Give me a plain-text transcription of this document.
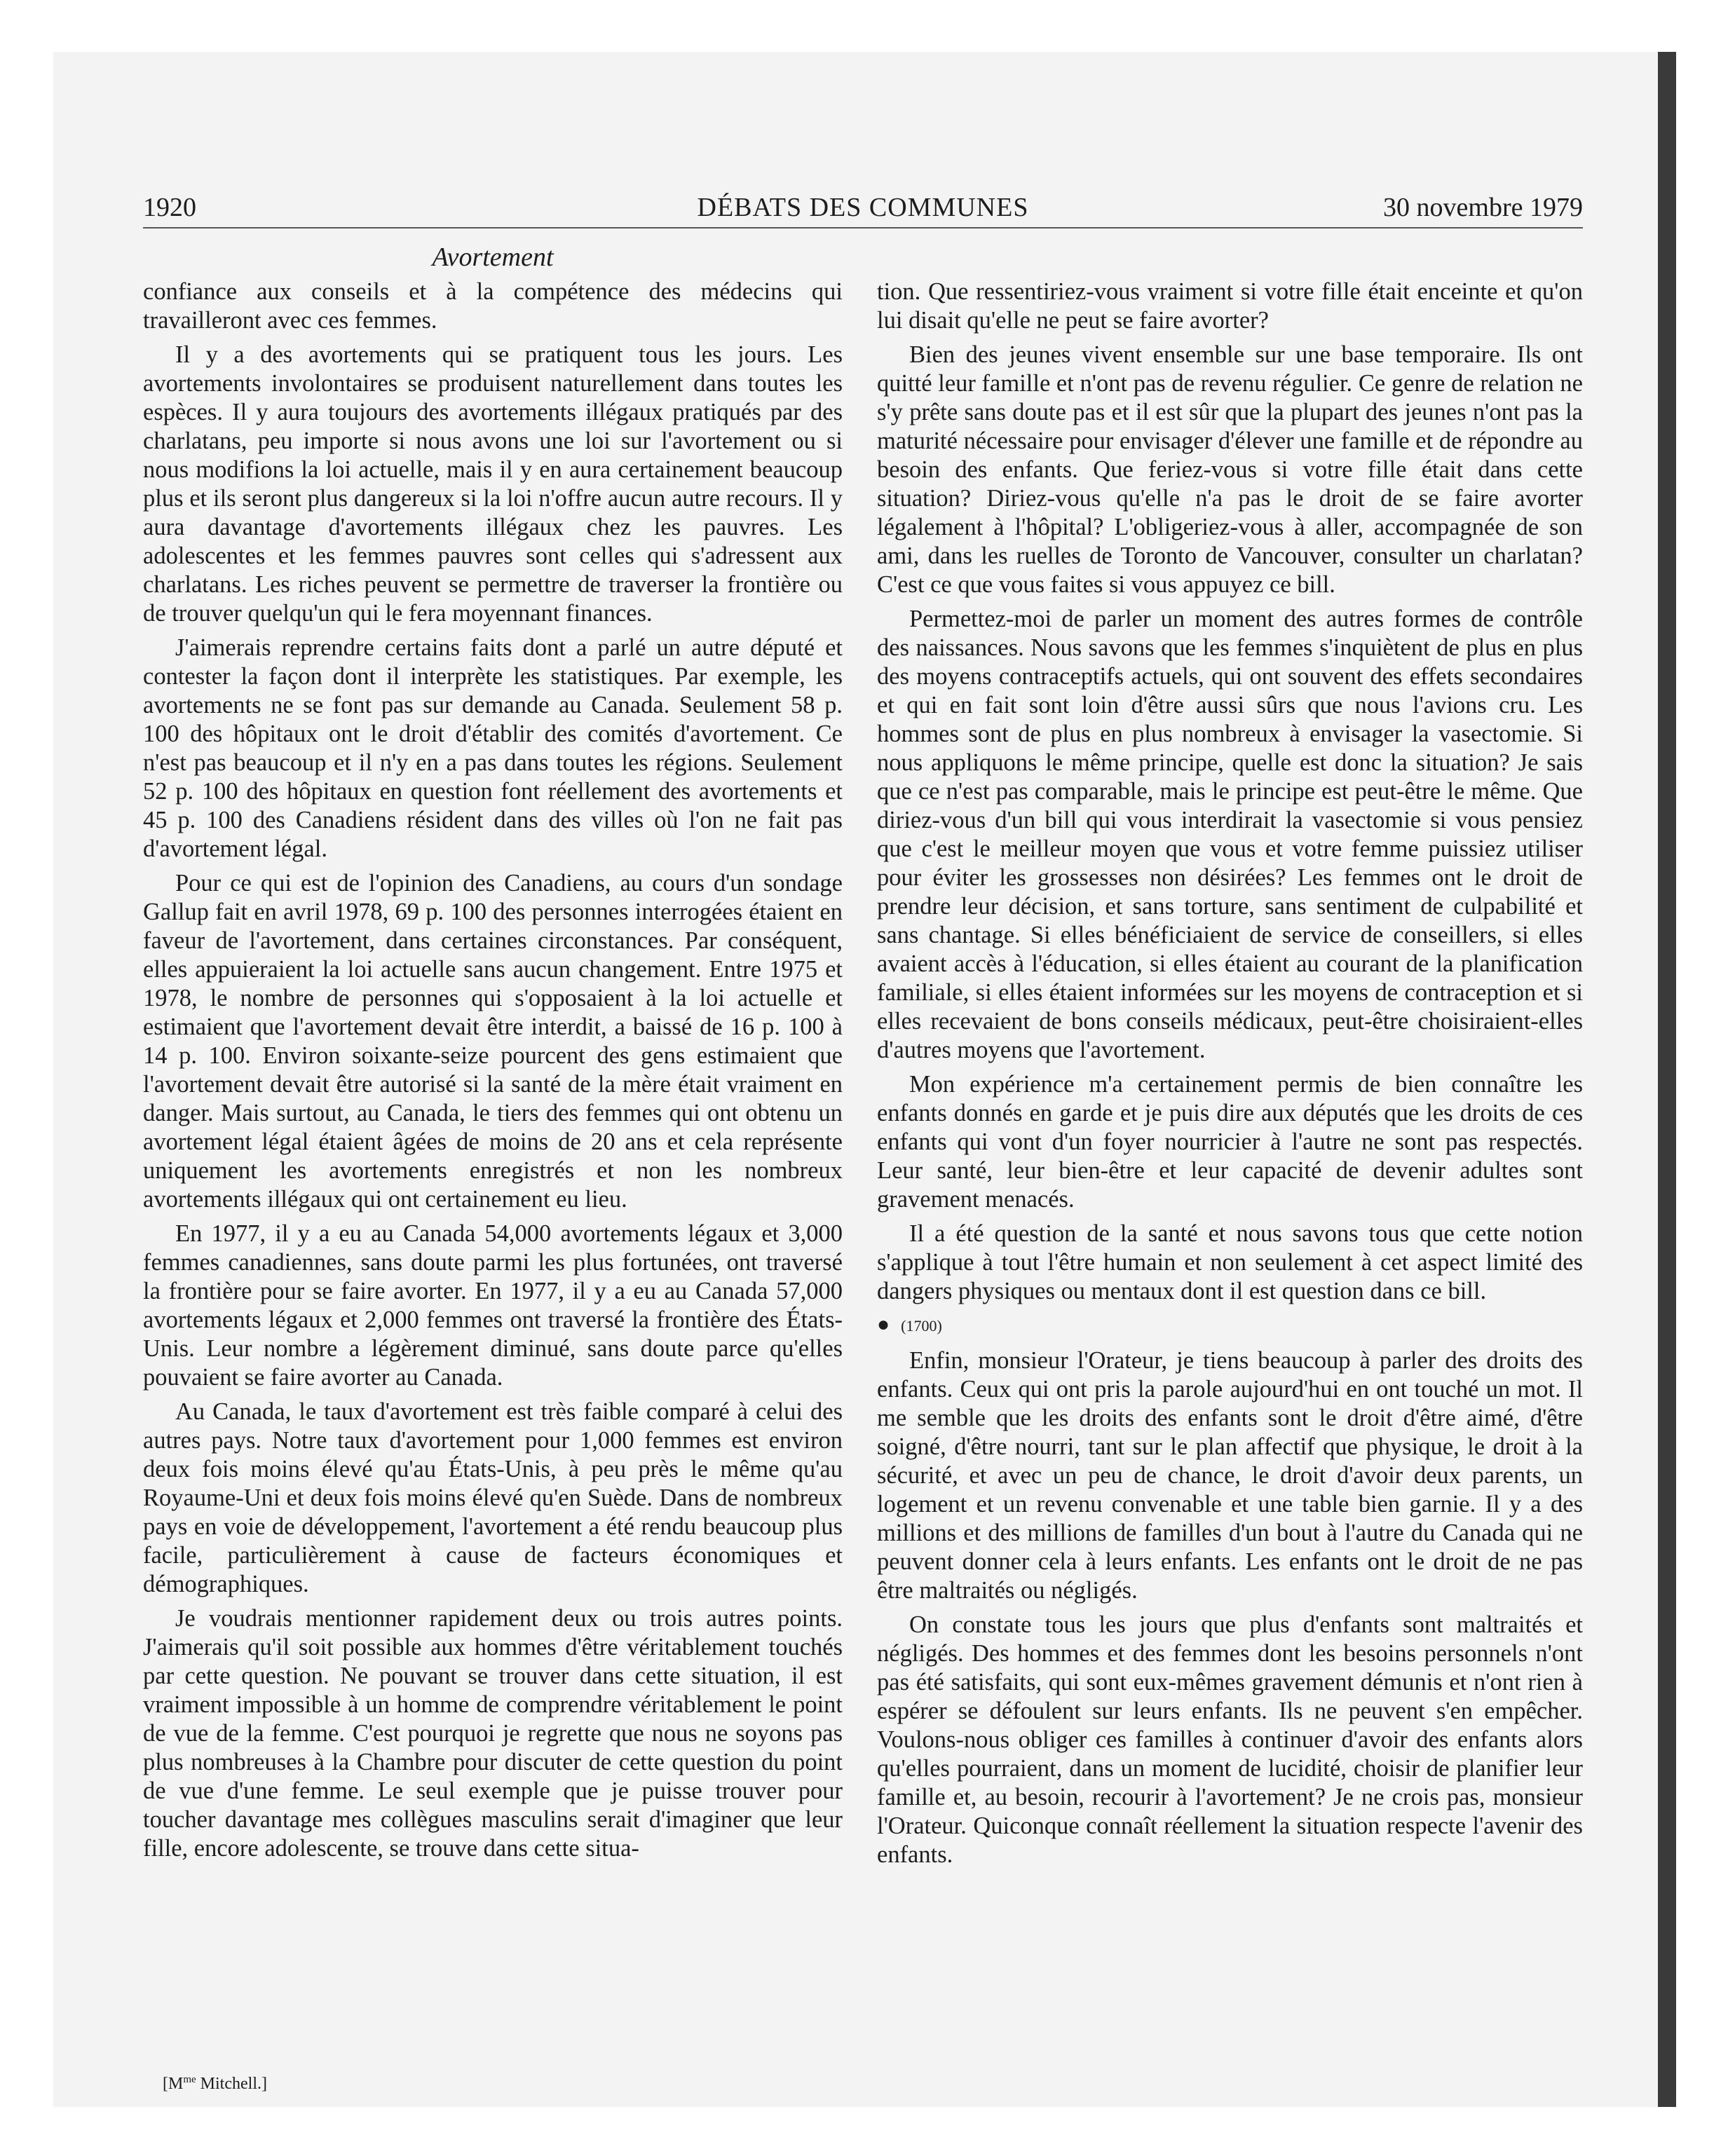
1920	DÉBATS DES COMMUNES	30 novembre 1979
Avortement

confiance aux conseils et à la compétence des médecins qui travailleront avec ces femmes.

Il y a des avortements qui se pratiquent tous les jours. Les avortements involontaires se produisent naturellement dans toutes les espèces. Il y aura toujours des avortements illégaux pratiqués par des charlatans, peu importe si nous avons une loi sur l'avortement ou si nous modifions la loi actuelle, mais il y en aura certainement beaucoup plus et ils seront plus dangereux si la loi n'offre aucun autre recours. Il y aura davantage d'avortements illégaux chez les pauvres. Les adolescentes et les femmes pauvres sont celles qui s'adressent aux charlatans. Les riches peuvent se permettre de traverser la frontière ou de trouver quelqu'un qui le fera moyennant finances.

J'aimerais reprendre certains faits dont a parlé un autre député et contester la façon dont il interprète les statistiques. Par exemple, les avortements ne se font pas sur demande au Canada. Seulement 58 p. 100 des hôpitaux ont le droit d'établir des comités d'avortement. Ce n'est pas beaucoup et il n'y en a pas dans toutes les régions. Seulement 52 p. 100 des hôpitaux en question font réellement des avortements et 45 p. 100 des Canadiens résident dans des villes où l'on ne fait pas d'avortement légal.

Pour ce qui est de l'opinion des Canadiens, au cours d'un sondage Gallup fait en avril 1978, 69 p. 100 des personnes interrogées étaient en faveur de l'avortement, dans certaines circonstances. Par conséquent, elles appuieraient la loi actuelle sans aucun changement. Entre 1975 et 1978, le nombre de personnes qui s'opposaient à la loi actuelle et estimaient que l'avortement devait être interdit, a baissé de 16 p. 100 à 14 p. 100. Environ soixante-seize pourcent des gens estimaient que l'avortement devait être autorisé si la santé de la mère était vraiment en danger. Mais surtout, au Canada, le tiers des femmes qui ont obtenu un avortement légal étaient âgées de moins de 20 ans et cela représente uniquement les avortements enregistrés et non les nombreux avortements illégaux qui ont certainement eu lieu.

En 1977, il y a eu au Canada 54,000 avortements légaux et 3,000 femmes canadiennes, sans doute parmi les plus fortunées, ont traversé la frontière pour se faire avorter. En 1977, il y a eu au Canada 57,000 avortements légaux et 2,000 femmes ont traversé la frontière des États-Unis. Leur nombre a légèrement diminué, sans doute parce qu'elles pouvaient se faire avorter au Canada.

Au Canada, le taux d'avortement est très faible comparé à celui des autres pays. Notre taux d'avortement pour 1,000 femmes est environ deux fois moins élevé qu'au États-Unis, à peu près le même qu'au Royaume-Uni et deux fois moins élevé qu'en Suède. Dans de nombreux pays en voie de développement, l'avortement a été rendu beaucoup plus facile, particulièrement à cause de facteurs économiques et démographiques.

Je voudrais mentionner rapidement deux ou trois autres points. J'aimerais qu'il soit possible aux hommes d'être véritablement touchés par cette question. Ne pouvant se trouver dans cette situation, il est vraiment impossible à un homme de comprendre véritablement le point de vue de la femme. C'est pourquoi je regrette que nous ne soyons pas plus nombreuses à la Chambre pour discuter de cette question du point de vue d'une femme. Le seul exemple que je puisse trouver pour toucher davantage mes collègues masculins serait d'imaginer que leur fille, encore adolescente, se trouve dans cette situa-

tion. Que ressentiriez-vous vraiment si votre fille était enceinte et qu'on lui disait qu'elle ne peut se faire avorter?

Bien des jeunes vivent ensemble sur une base temporaire. Ils ont quitté leur famille et n'ont pas de revenu régulier. Ce genre de relation ne s'y prête sans doute pas et il est sûr que la plupart des jeunes n'ont pas la maturité nécessaire pour envisager d'élever une famille et de répondre au besoin des enfants. Que feriez-vous si votre fille était dans cette situation? Diriez-vous qu'elle n'a pas le droit de se faire avorter légalement à l'hôpital? L'obligeriez-vous à aller, accompagnée de son ami, dans les ruelles de Toronto de Vancouver, consulter un charlatan? C'est ce que vous faites si vous appuyez ce bill.

Permettez-moi de parler un moment des autres formes de contrôle des naissances. Nous savons que les femmes s'inquiètent de plus en plus des moyens contraceptifs actuels, qui ont souvent des effets secondaires et qui en fait sont loin d'être aussi sûrs que nous l'avions cru. Les hommes sont de plus en plus nombreux à envisager la vasectomie. Si nous appliquons le même principe, quelle est donc la situation? Je sais que ce n'est pas comparable, mais le principe est peut-être le même. Que diriez-vous d'un bill qui vous interdirait la vasectomie si vous pensiez que c'est le meilleur moyen que vous et votre femme puissiez utiliser pour éviter les grossesses non désirées? Les femmes ont le droit de prendre leur décision, et sans torture, sans sentiment de culpabilité et sans chantage. Si elles bénéficiaient de service de conseillers, si elles avaient accès à l'éducation, si elles étaient au courant de la planification familiale, si elles étaient informées sur les moyens de contraception et si elles recevaient de bons conseils médicaux, peut-être choisiraient-elles d'autres moyens que l'avortement.

Mon expérience m'a certainement permis de bien connaître les enfants donnés en garde et je puis dire aux députés que les droits de ces enfants qui vont d'un foyer nourricier à l'autre ne sont pas respectés. Leur santé, leur bien-être et leur capacité de devenir adultes sont gravement menacés.

Il a été question de la santé et nous savons tous que cette notion s'applique à tout l'être humain et non seulement à cet aspect limité des dangers physiques ou mentaux dont il est question dans ce bill.

● (1700)

Enfin, monsieur l'Orateur, je tiens beaucoup à parler des droits des enfants. Ceux qui ont pris la parole aujourd'hui en ont touché un mot. Il me semble que les droits des enfants sont le droit d'être aimé, d'être soigné, d'être nourri, tant sur le plan affectif que physique, le droit à la sécurité, et avec un peu de chance, le droit d'avoir deux parents, un logement et un revenu convenable et une table bien garnie. Il y a des millions et des millions de familles d'un bout à l'autre du Canada qui ne peuvent donner cela à leurs enfants. Les enfants ont le droit de ne pas être maltraités ou négligés.

On constate tous les jours que plus d'enfants sont maltraités et négligés. Des hommes et des femmes dont les besoins personnels n'ont pas été satisfaits, qui sont eux-mêmes gravement démunis et n'ont rien à espérer se défoulent sur leurs enfants. Ils ne peuvent s'en empêcher. Voulons-nous obliger ces familles à continuer d'avoir des enfants alors qu'elles pourraient, dans un moment de lucidité, choisir de planifier leur famille et, au besoin, recourir à l'avortement? Je ne crois pas, monsieur l'Orateur. Quiconque connaît réellement la situation respecte l'avenir des enfants.

[$M^{me}$ Mitchell.]
